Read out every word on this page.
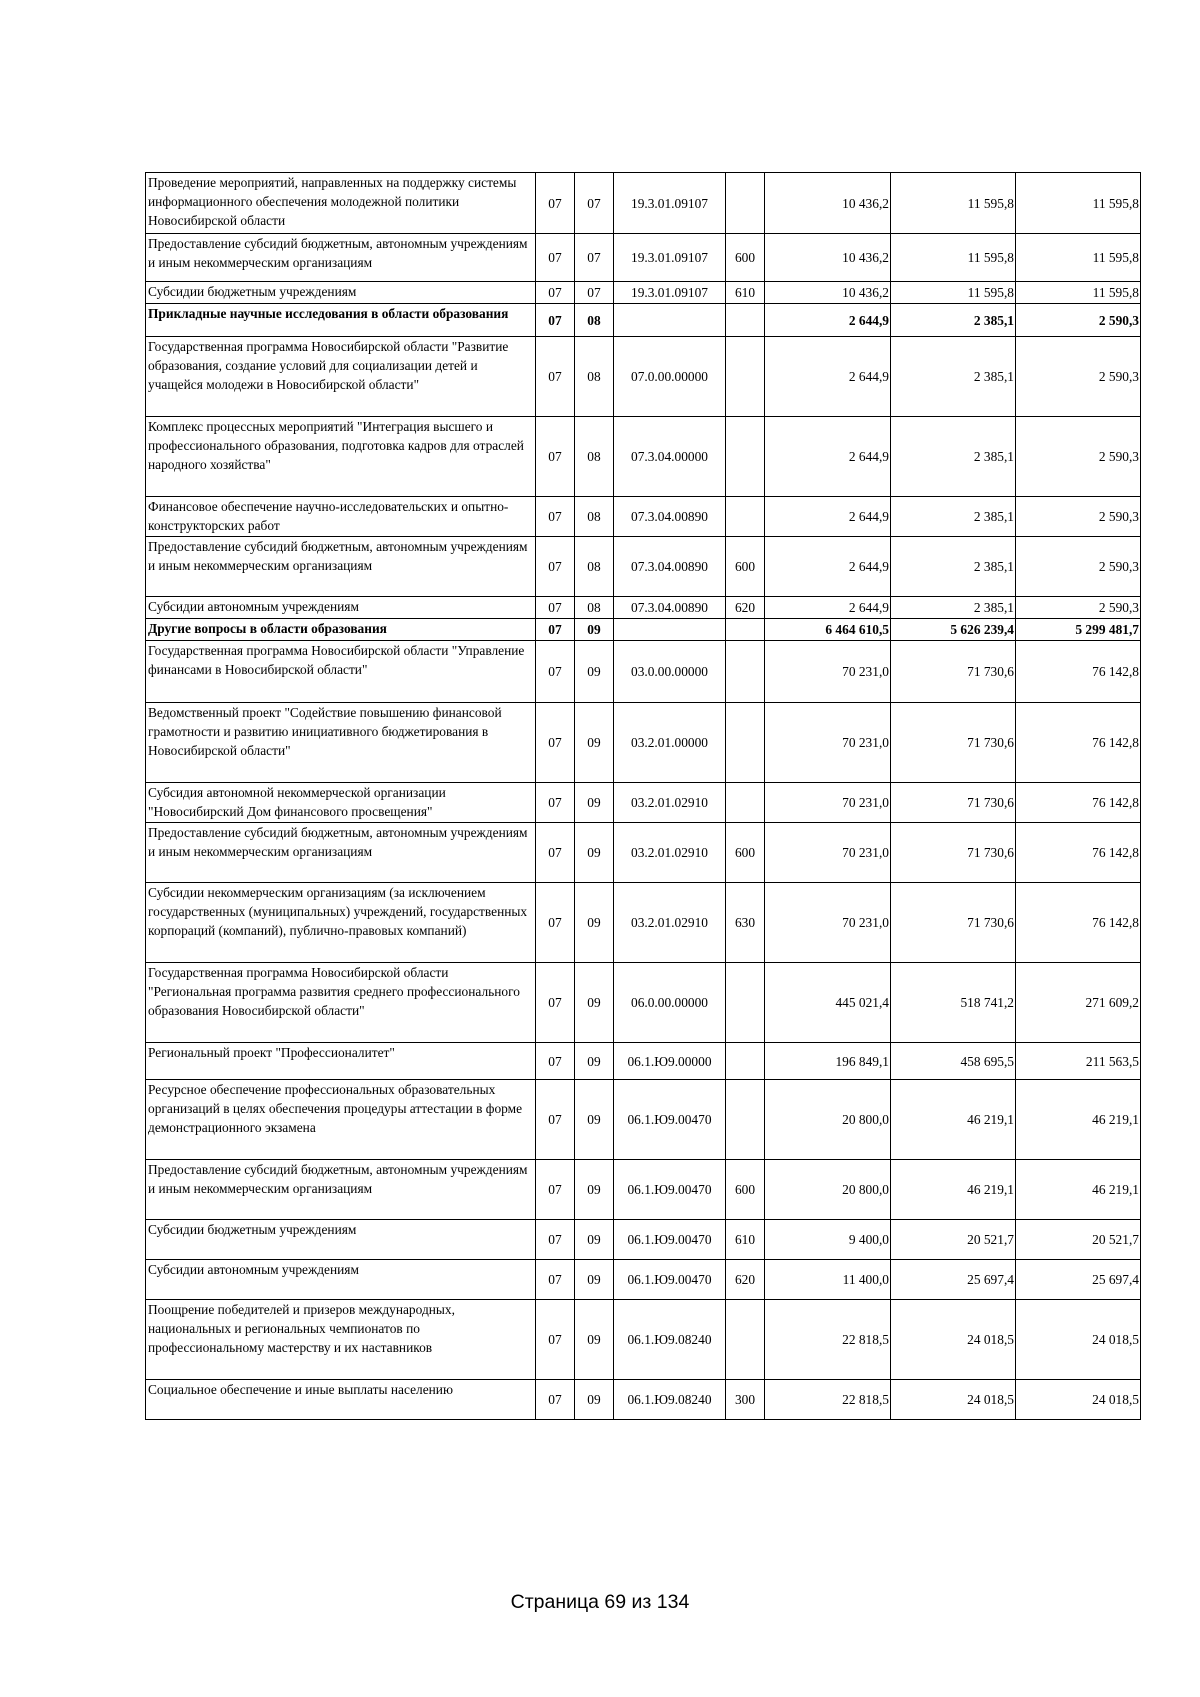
Проведение мероприятий, направленных на поддержку системы информационного обеспечения молодежной политики Новосибирской области	07	07	19.3.01.09107		10 436,2	11 595,8	11 595,8
Предоставление субсидий бюджетным, автономным учреждениям и иным некоммерческим организациям	07	07	19.3.01.09107	600	10 436,2	11 595,8	11 595,8
Субсидии бюджетным учреждениям	07	07	19.3.01.09107	610	10 436,2	11 595,8	11 595,8
Прикладные научные исследования в области образования	07	08			2 644,9	2 385,1	2 590,3
Государственная программа Новосибирской области "Развитие образования, создание условий для социализации детей и учащейся молодежи в Новосибирской области"	07	08	07.0.00.00000		2 644,9	2 385,1	2 590,3
Комплекс процессных мероприятий "Интеграция высшего и профессионального образования, подготовка кадров для отраслей народного хозяйства"	07	08	07.3.04.00000		2 644,9	2 385,1	2 590,3
Финансовое обеспечение научно-исследовательских и опытно-конструкторских работ	07	08	07.3.04.00890		2 644,9	2 385,1	2 590,3
Предоставление субсидий бюджетным, автономным учреждениям и иным некоммерческим организациям	07	08	07.3.04.00890	600	2 644,9	2 385,1	2 590,3
Субсидии автономным учреждениям	07	08	07.3.04.00890	620	2 644,9	2 385,1	2 590,3
Другие вопросы в области образования	07	09			6 464 610,5	5 626 239,4	5 299 481,7
Государственная программа Новосибирской области "Управление финансами в Новосибирской области"	07	09	03.0.00.00000		70 231,0	71 730,6	76 142,8
Ведомственный проект "Содействие повышению финансовой грамотности и развитию инициативного бюджетирования в Новосибирской области"	07	09	03.2.01.00000		70 231,0	71 730,6	76 142,8
Субсидия автономной некоммерческой организации "Новосибирский Дом финансового просвещения"	07	09	03.2.01.02910		70 231,0	71 730,6	76 142,8
Предоставление субсидий бюджетным, автономным учреждениям и иным некоммерческим организациям	07	09	03.2.01.02910	600	70 231,0	71 730,6	76 142,8
Субсидии некоммерческим организациям (за исключением государственных (муниципальных) учреждений, государственных корпораций (компаний), публично-правовых компаний)	07	09	03.2.01.02910	630	70 231,0	71 730,6	76 142,8
Государственная программа Новосибирской области "Региональная программа развития среднего профессионального образования Новосибирской области"	07	09	06.0.00.00000		445 021,4	518 741,2	271 609,2
Региональный проект "Профессионалитет"	07	09	06.1.Ю9.00000		196 849,1	458 695,5	211 563,5
Ресурсное обеспечение профессиональных образовательных организаций в целях обеспечения процедуры аттестации в форме демонстрационного экзамена	07	09	06.1.Ю9.00470		20 800,0	46 219,1	46 219,1
Предоставление субсидий бюджетным, автономным учреждениям и иным некоммерческим организациям	07	09	06.1.Ю9.00470	600	20 800,0	46 219,1	46 219,1
Субсидии бюджетным учреждениям	07	09	06.1.Ю9.00470	610	9 400,0	20 521,7	20 521,7
Субсидии автономным учреждениям	07	09	06.1.Ю9.00470	620	11 400,0	25 697,4	25 697,4
Поощрение победителей и призеров международных, национальных и региональных чемпионатов по профессиональному мастерству и их наставников	07	09	06.1.Ю9.08240		22 818,5	24 018,5	24 018,5
Социальное обеспечение и иные выплаты населению	07	09	06.1.Ю9.08240	300	22 818,5	24 018,5	24 018,5
Страница 69 из 134
